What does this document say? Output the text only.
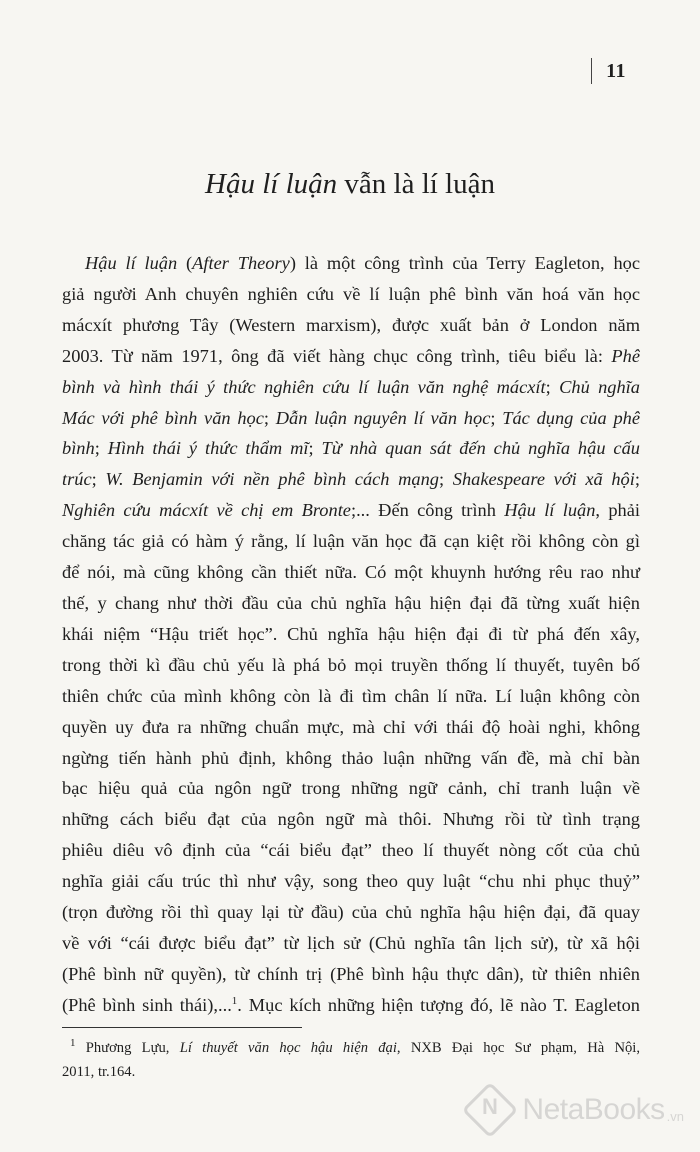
11
Hậu lí luận vẫn là lí luận
Hậu lí luận (After Theory) là một công trình của Terry Eagleton, học
giả người Anh chuyên nghiên cứu về lí luận phê bình văn hoá văn học
mácxít phương Tây (Western marxism), được xuất bản ở London năm
2003. Từ năm 1971, ông đã viết hàng chục công trình, tiêu biểu là: Phê
bình và hình thái ý thức nghiên cứu lí luận văn nghệ mácxít; Chủ nghĩa
Mác với phê bình văn học; Dẫn luận nguyên lí văn học; Tác dụng của phê
bình; Hình thái ý thức thẩm mĩ; Từ nhà quan sát đến chủ nghĩa hậu cấu
trúc; W. Benjamin với nền phê bình cách mạng; Shakespeare với xã hội;
Nghiên cứu mácxít về chị em Bronte;... Đến công trình Hậu lí luận, phải
chăng tác giả có hàm ý rằng, lí luận văn học đã cạn kiệt rồi không còn gì
để nói, mà cũng không cần thiết nữa. Có một khuynh hướng rêu rao như
thế, y chang như thời đầu của chủ nghĩa hậu hiện đại đã từng xuất hiện
khái niệm “Hậu triết học”. Chủ nghĩa hậu hiện đại đi từ phá đến xây,
trong thời kì đầu chủ yếu là phá bỏ mọi truyền thống lí thuyết, tuyên bố
thiên chức của mình không còn là đi tìm chân lí nữa. Lí luận không còn
quyền uy đưa ra những chuẩn mực, mà chỉ với thái độ hoài nghi, không
ngừng tiến hành phủ định, không thảo luận những vấn đề, mà chỉ bàn
bạc hiệu quả của ngôn ngữ trong những ngữ cảnh, chỉ tranh luận về
những cách biểu đạt của ngôn ngữ mà thôi. Nhưng rồi từ tình trạng
phiêu diêu vô định của “cái biểu đạt” theo lí thuyết nòng cốt của chủ
nghĩa giải cấu trúc thì như vậy, song theo quy luật “chu nhi phục thuỷ”
(trọn đường rồi thì quay lại từ đầu) của chủ nghĩa hậu hiện đại, đã quay
về với “cái được biểu đạt” từ lịch sử (Chủ nghĩa tân lịch sử), từ xã hội
(Phê bình nữ quyền), từ chính trị (Phê bình hậu thực dân), từ thiên nhiên
(Phê bình sinh thái),...$^1$. Mục kích những hiện tượng đó, lẽ nào T. Eagleton
$^1$ Phương Lựu, Lí thuyết văn học hậu hiện đại, NXB Đại học Sư phạm, Hà Nội,
2011, tr.164.
N
NetaBooks .vn
